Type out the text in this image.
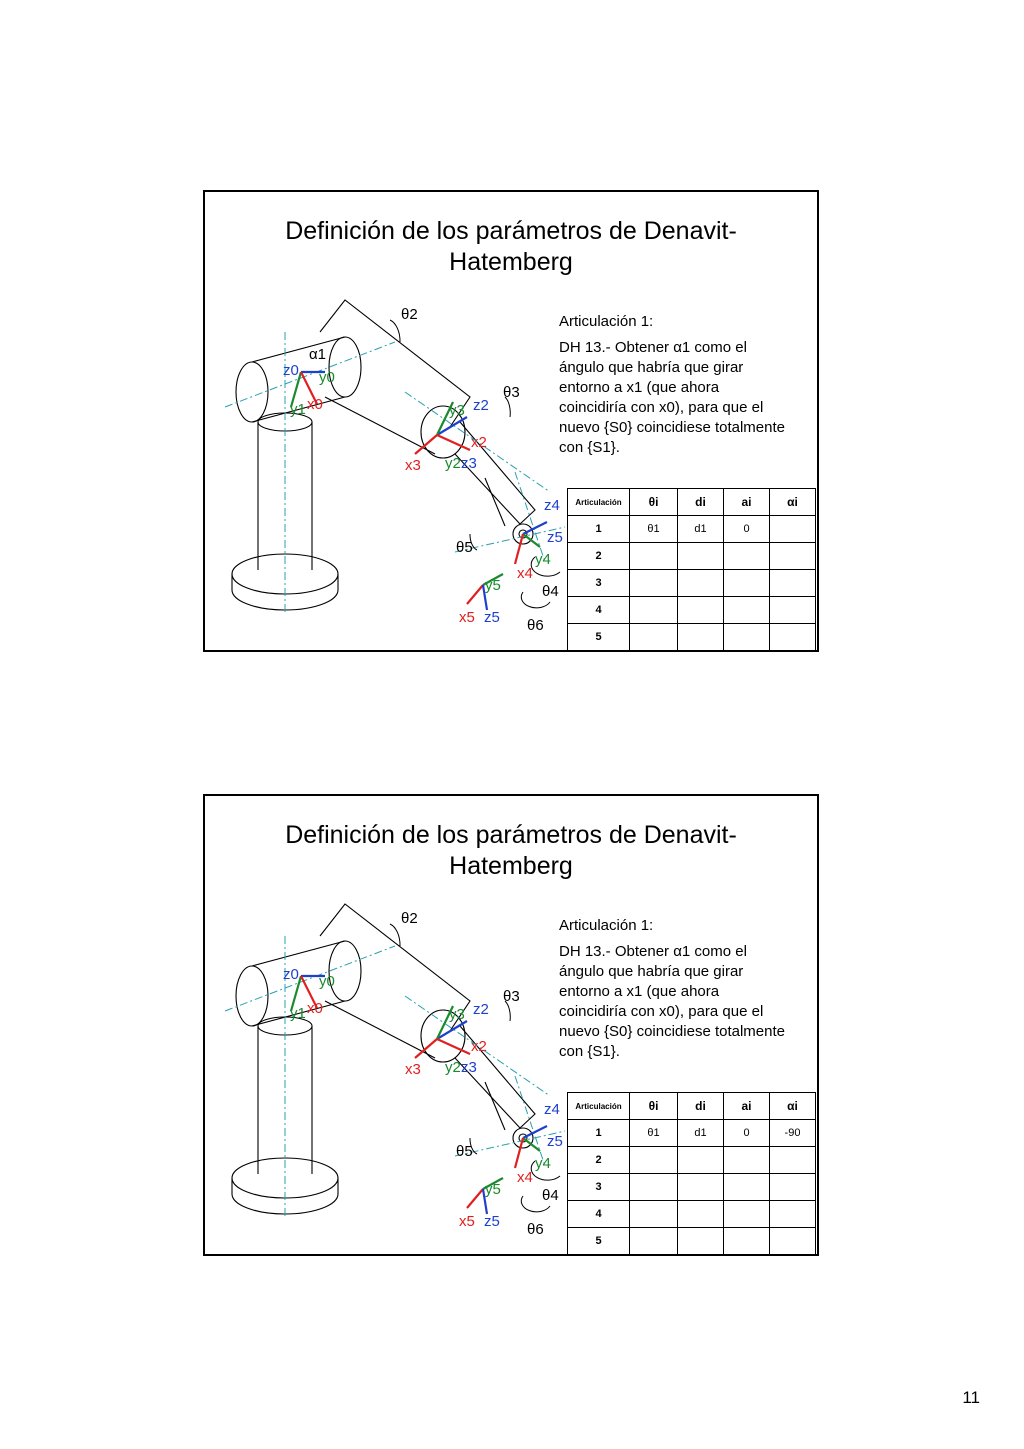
Definición de los parámetros de Denavit-
Hatemberg
θ2
α1
z0 y0
y1 x0
θ3
z2
y3
x2
x3 y2 z3
z4
z5
θ5
y4
x4
y5	θ4
x5 z5 θ6

Articulación 1:

DH 13.- Obtener α1 como el

ángulo que habría que girar

entorno a x1 (que ahora

coincidiría con x0), para que el

nuevo {S0} coincidiese totalmente

con {S1}.

Articulación	θi	di	ai	αi
1	θ1	d1	0	
2				
3				
4				
5				
Definición de los parámetros de Denavit-
Hatemberg
θ2
z0 y0
y1 x0
θ3
z2
y3
x2
x3 y2 z3
z4
z5
θ5
y4
x4
y5	θ4
x5 z5 θ6

Articulación 1:

DH 13.- Obtener α1 como el

ángulo que habría que girar

entorno a x1 (que ahora

coincidiría con x0), para que el

nuevo {S0} coincidiese totalmente

con {S1}.

Articulación	θi	di	ai	αi
1	θ1	d1	0	-90
2				
3				
4				
5				
11
